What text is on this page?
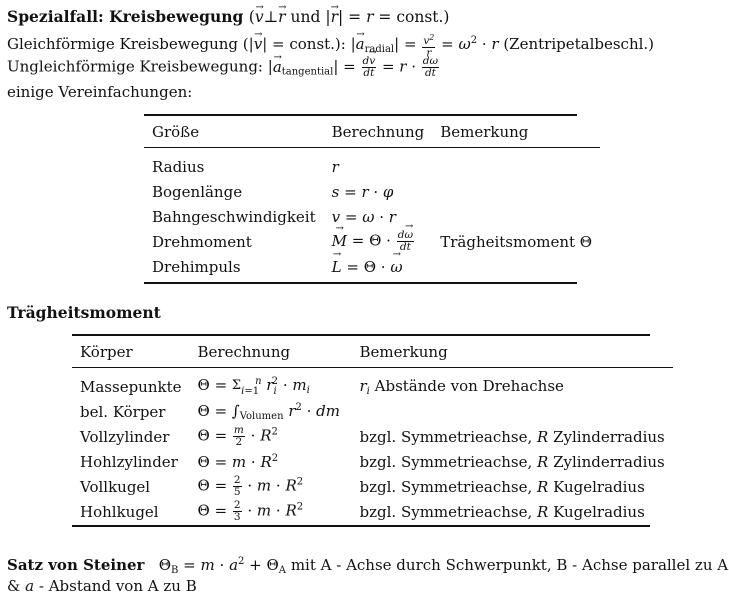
Spezialfall: Kreisbewegung (→ v⊥→ r und |→ r| = r = const.)
Gleichförmige Kreisbewegung (|→ v| = const.): |→ $a_{radial}| = \frac{v^2}{r} = \omega^2 \cdot r$ (Zentripetalbeschl.)
Ungleichförmige Kreisbewegung: |→ $a_{tangential}| = \frac{d\to v}{dt} = r \cdot \frac{d\omega}{dt}$
einige Vereinfachungen:
Größe	Berechnung	Bemerkung

Radius	r	
Bogenlänge	s = r · φ	
Bahngeschwindigkeit	v = ω · r	
Drehmoment	→ $M = \Theta \cdot \frac{d\to \omega}{dt}$	Trägheitsmoment Θ
Drehimpuls	→ L = Θ · → ω	
Trägheitsmoment
Körper	Berechnung	Bemerkung

Massepunkte	$\Theta = \Sigma_{i=1}^n$ $r_i^2 \cdot m_i$	$r_i$ Abstände von Drehachse
bel. Körper	$\Theta = \int_{Volumen}$ $r^2$ · dm	
Vollzylinder	$\Theta = \frac{m}{2} \cdot R^2$	bzgl. Symmetrieachse, R Zylinderradius
Hohlzylinder	$\Theta = m \cdot R^2$	bzgl. Symmetrieachse, R Zylinderradius
Vollkugel	$\Theta = \frac{2}{5} \cdot m \cdot R^2$	bzgl. Symmetrieachse, R Kugelradius
Hohlkugel	$\Theta = \frac{2}{3} \cdot m \cdot R^2$	bzgl. Symmetrieachse, R Kugelradius
Satz von Steiner   $\Theta_B = m \cdot a^2 + \Theta_A$ mit A - Achse durch Schwerpunkt, B - Achse parallel zu A
& a - Abstand von A zu B
